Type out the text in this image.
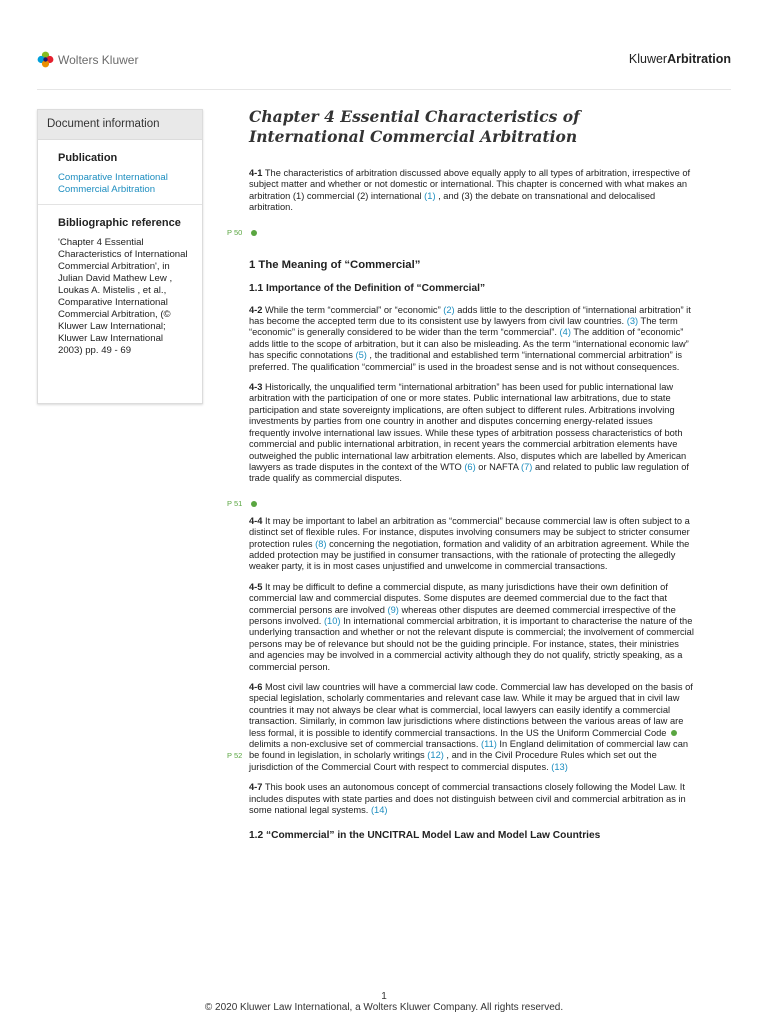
Wolters Kluwer	KluwerArbitration
Document information
Publication
Comparative International Commercial Arbitration
Bibliographic reference
'Chapter 4 Essential Characteristics of International Commercial Arbitration', in Julian David Mathew Lew , Loukas A. Mistelis , et al., Comparative International Commercial Arbitration, (© Kluwer Law International; Kluwer Law International 2003) pp. 49 - 69
Chapter 4 Essential Characteristics of International Commercial Arbitration

4-1 The characteristics of arbitration discussed above equally apply to all types of arbitration, irrespective of subject matter and whether or not domestic or international. This chapter is concerned with what makes an arbitration (1) commercial (2) international (1) , and (3) the debate on transnational and delocalised arbitration.

P 50
1 The Meaning of “Commercial”
1.1 Importance of the Definition of “Commercial”

4-2 While the term “commercial” or “economic” (2) adds little to the description of “international arbitration” it has become the accepted term due to its consistent use by lawyers from civil law countries. (3) The term “economic” is generally considered to be wider than the term “commercial”. (4) The addition of “economic” adds little to the scope of arbitration, but it can also be misleading. As the term “international economic law” has specific connotations (5) , the traditional and established term “international commercial arbitration” is preferred. The qualification “commercial” is used in the broadest sense and is not without consequences.

4-3 Historically, the unqualified term “international arbitration” has been used for public international law arbitration with the participation of one or more states. Public international law arbitrations, due to state participation and state sovereignty implications, are often subject to different rules. Arbitrations involving investments by parties from one country in another and disputes concerning energy-related issues frequently involve international law issues. While these types of arbitration possess characteristics of both commercial and public international arbitration, in recent years the commercial arbitration elements have outweighed the public international law arbitration elements. Also, disputes which are labelled by American lawyers as trade disputes in the context of the WTO (6) or NAFTA (7) and related to public law regulation of trade qualify as commercial disputes.

P 51

4-4 It may be important to label an arbitration as “commercial” because commercial law is often subject to a distinct set of flexible rules. For instance, disputes involving consumers may be subject to stricter consumer protection rules (8) concerning the negotiation, formation and validity of an arbitration agreement. While the added protection may be justified in consumer transactions, with the rationale of protecting the allegedly weaker party, it is in most cases unjustified and unwelcome in commercial transactions.

4-5 It may be difficult to define a commercial dispute, as many jurisdictions have their own definition of commercial law and commercial disputes. Some disputes are deemed commercial due to the fact that commercial persons are involved (9) whereas other disputes are deemed commercial irrespective of the persons involved. (10) In international commercial arbitration, it is important to characterise the nature of the underlying transaction and whether or not the relevant dispute is commercial; the involvement of commercial persons may be of relevance but should not be the guiding principle. For instance, states, their ministries and agencies may be involved in a commercial activity although they do not qualify, strictly speaking, as a commercial person.

4-6 Most civil law countries will have a commercial law code. Commercial law has developed on the basis of special legislation, scholarly commentaries and relevant case law. While it may be argued that in civil law countries it may not always be clear what is commercial, local lawyers can easily identify a commercial transaction. Similarly, in common law jurisdictions where distinctions between the various areas of law are less formal, it is possible to identify commercial transactions. In the US the Uniform Commercial Code
P 52
delimits a non-exclusive set of commercial transactions. (11) In England delimitation of commercial law can be found in legislation, in scholarly writings (12) , and in the Civil Procedure Rules which set out the jurisdiction of the Commercial Court with respect to commercial disputes. (13)

4-7 This book uses an autonomous concept of commercial transactions closely following the Model Law. It includes disputes with state parties and does not distinguish between civil and commercial arbitration as in some national legal systems. (14)

1.2 “Commercial” in the UNCITRAL Model Law and Model Law Countries
1
© 2020 Kluwer Law International, a Wolters Kluwer Company. All rights reserved.
